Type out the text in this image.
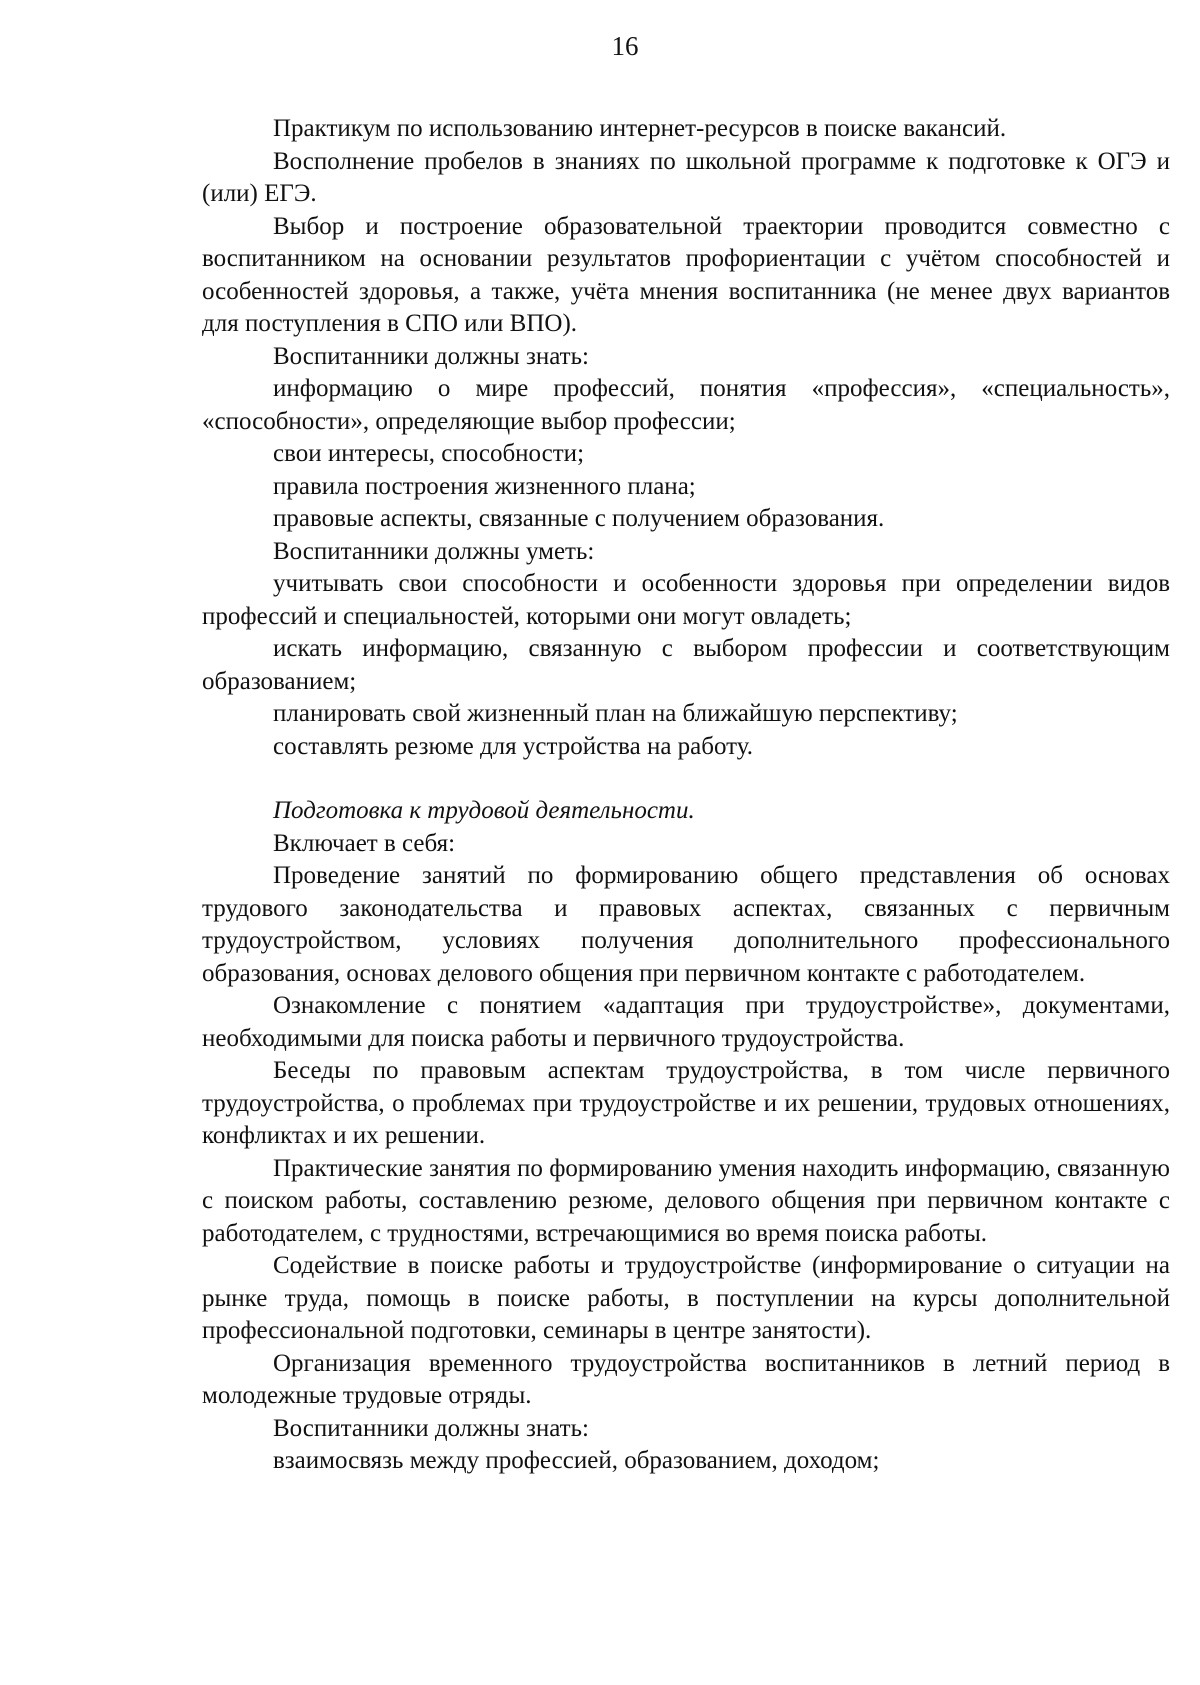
16

Практикум по использованию интернет-ресурсов в поиске вакансий.

Восполнение пробелов в знаниях по школьной программе к подготовке к ОГЭ и (или) ЕГЭ.

Выбор и построение образовательной траектории проводится совместно с воспитанником на основании результатов профориентации с учётом способностей и особенностей здоровья, а также, учёта мнения воспитанника (не менее двух вариантов для поступления в СПО или ВПО).

Воспитанники должны знать:

информацию о мире профессий, понятия «профессия», «специальность», «способности», определяющие выбор профессии;

свои интересы, способности;

правила построения жизненного плана;

правовые аспекты, связанные с получением образования.

Воспитанники должны уметь:

учитывать свои способности и особенности здоровья при определении видов профессий и специальностей, которыми они могут овладеть;

искать информацию, связанную с выбором профессии и соответствующим образованием;

планировать свой жизненный план на ближайшую перспективу;

составлять резюме для устройства на работу.

Подготовка к трудовой деятельности.

Включает в себя:

Проведение занятий по формированию общего представления об основах трудового законодательства и правовых аспектах, связанных с первичным трудоустройством, условиях получения дополнительного профессионального образования, основах делового общения при первичном контакте с работодателем.

Ознакомление с понятием «адаптация при трудоустройстве», документами, необходимыми для поиска работы и первичного трудоустройства.

Беседы по правовым аспектам трудоустройства, в том числе первичного трудоустройства, о проблемах при трудоустройстве и их решении, трудовых отношениях, конфликтах и их решении.

Практические занятия по формированию умения находить информацию, связанную с поиском работы, составлению резюме, делового общения при первичном контакте с работодателем, с трудностями, встречающимися во время поиска работы.

Содействие в поиске работы и трудоустройстве (информирование о ситуации на рынке труда, помощь в поиске работы, в поступлении на курсы дополнительной профессиональной подготовки, семинары в центре занятости).

Организация временного трудоустройства воспитанников в летний период в молодежные трудовые отряды.

Воспитанники должны знать:

взаимосвязь между профессией, образованием, доходом;
